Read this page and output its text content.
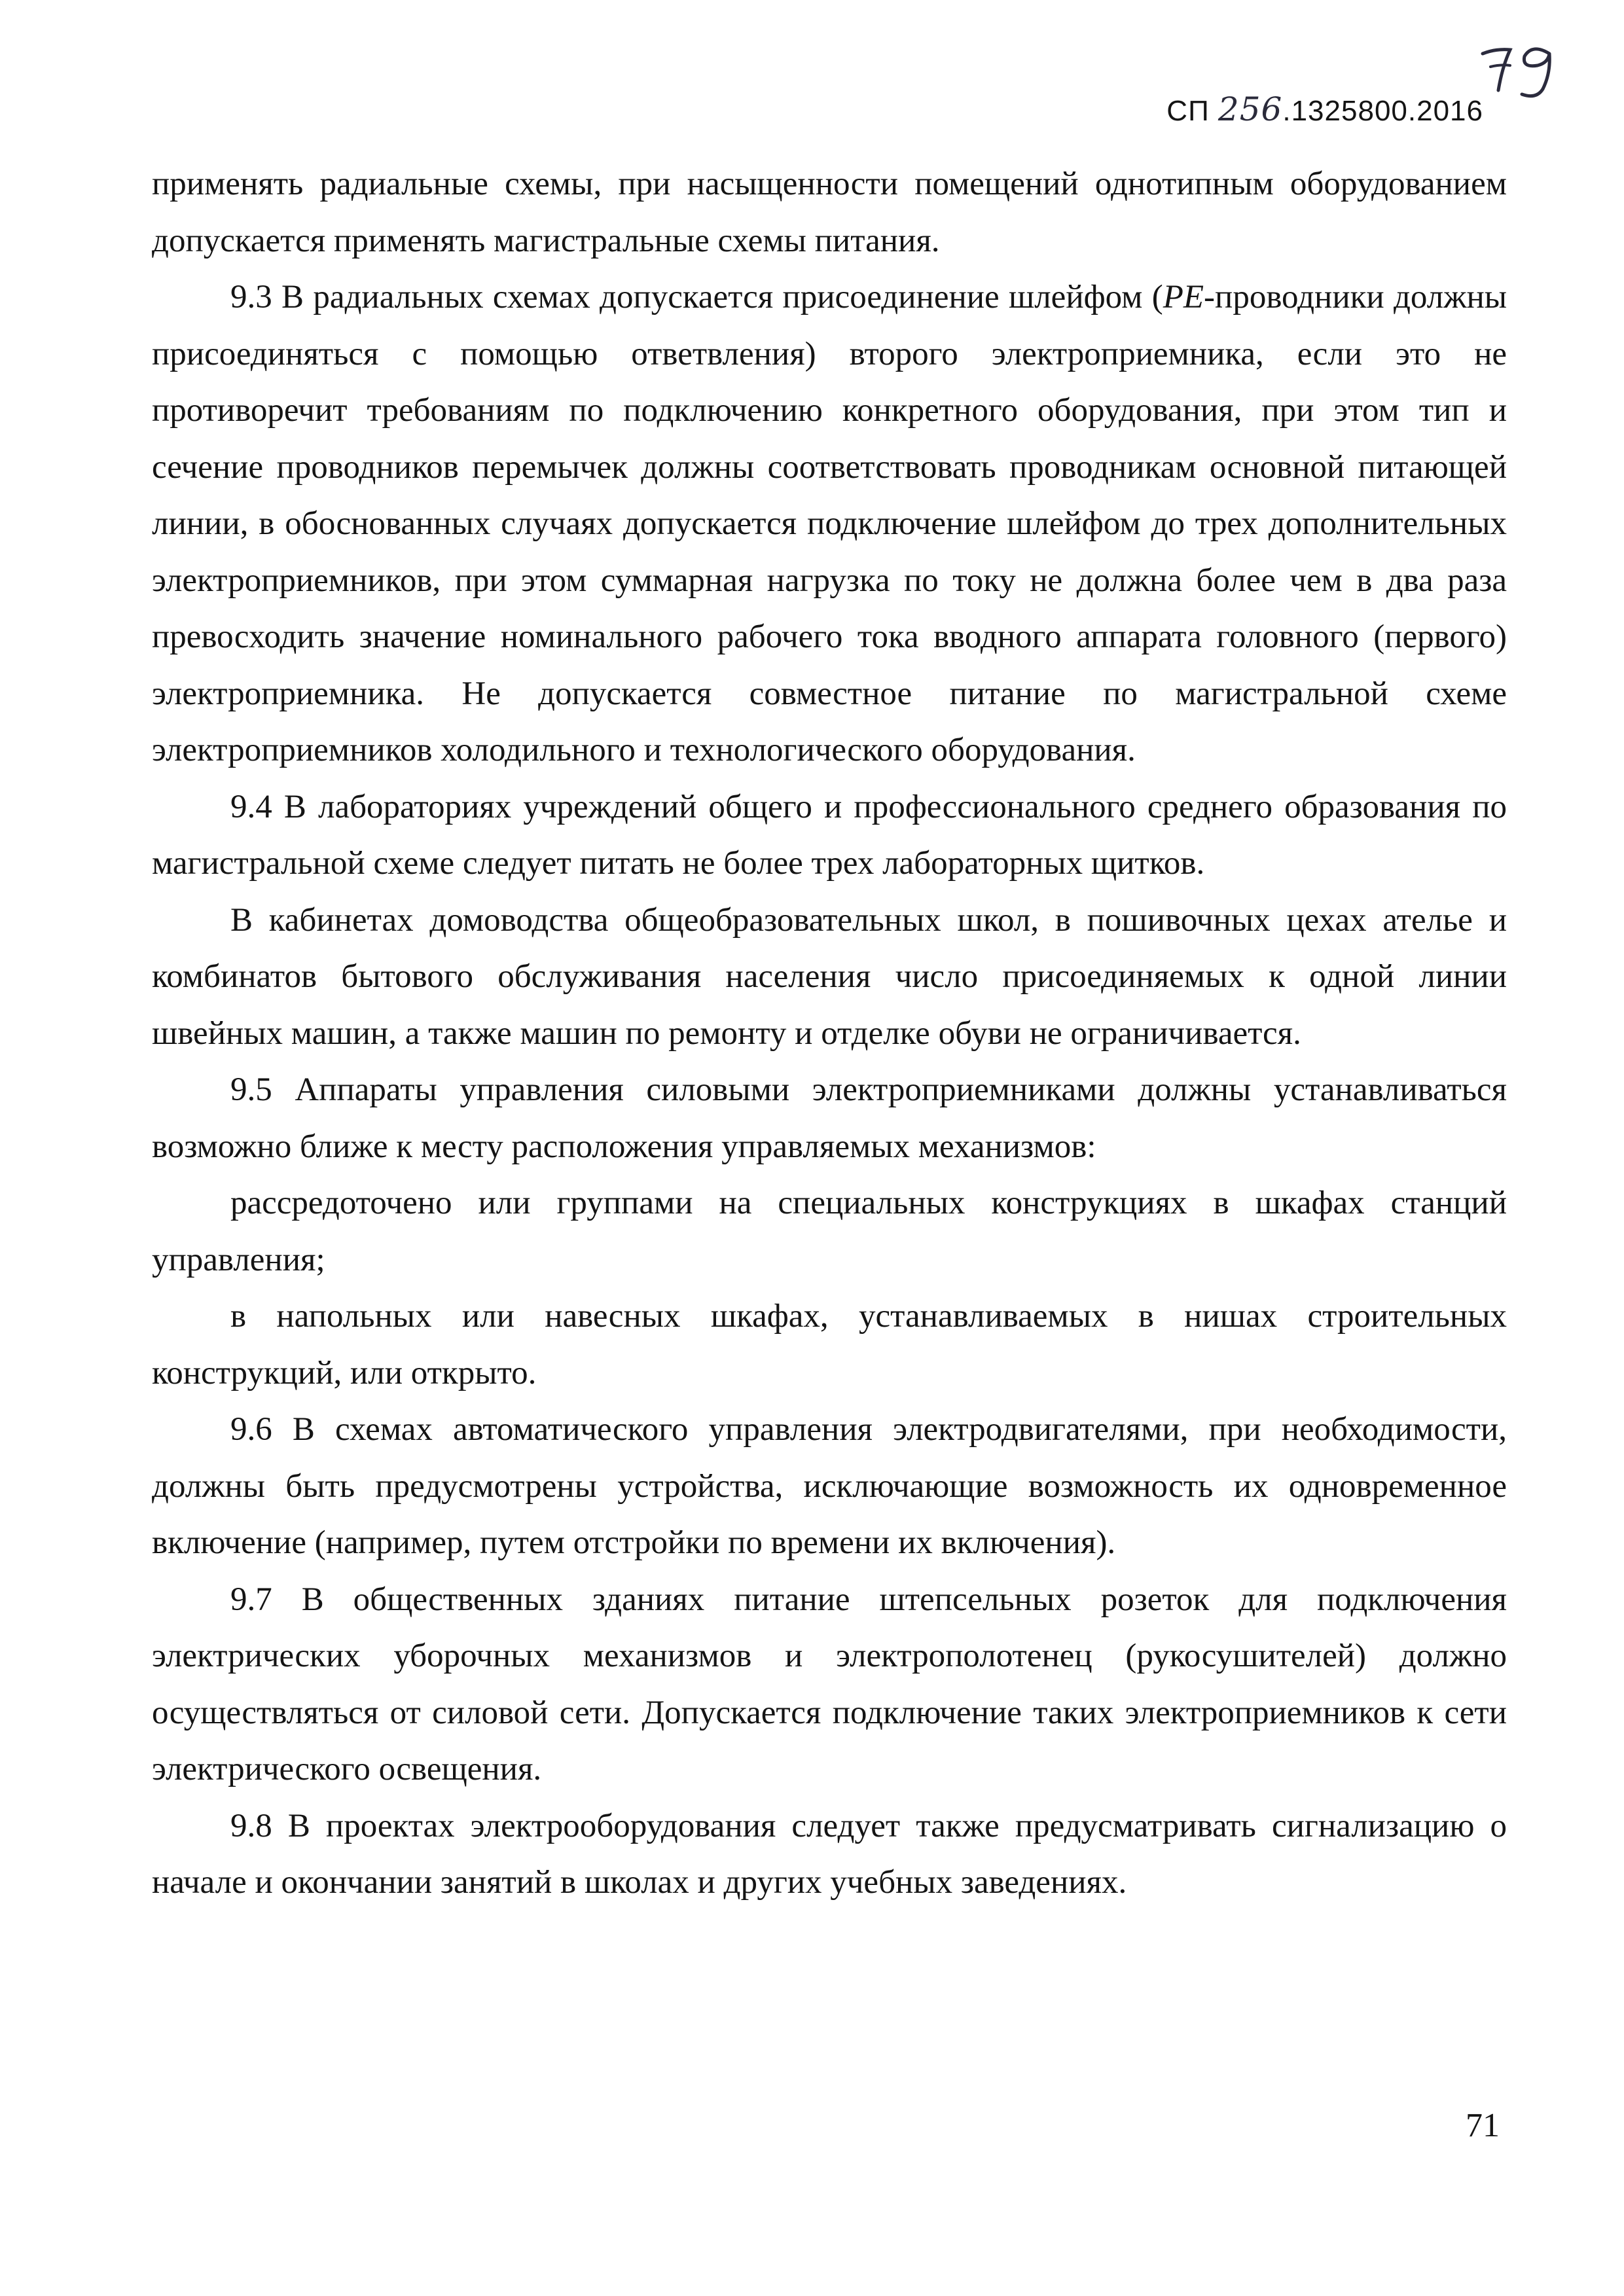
СП 256.1325800.2016

применять радиальные схемы, при насыщенности помещений однотипным оборудованием допускается применять магистральные схемы питания.

9.3 В радиальных схемах допускается присоединение шлейфом (PE-проводники должны присоединяться с помощью ответвления) второго электроприемника, если это не противоречит требованиям по подключению конкретного оборудования, при этом тип и сечение проводников перемычек должны соответствовать проводникам основной питающей линии, в обоснованных случаях допускается подключение шлейфом до трех дополнительных электроприемников, при этом суммарная нагрузка по току не должна более чем в два раза превосходить значение номинального рабочего тока вводного аппарата головного (первого) электроприемника. Не допускается совместное питание по магистральной схеме электроприемников холодильного и технологического оборудования.

9.4 В лабораториях учреждений общего и профессионального среднего образования по магистральной схеме следует питать не более трех лабораторных щитков.

В кабинетах домоводства общеобразовательных школ, в пошивочных цехах ателье и комбинатов бытового обслуживания населения число присоединяемых к одной линии швейных машин, а также машин по ремонту и отделке обуви не ограничивается.

9.5 Аппараты управления силовыми электроприемниками должны устанавливаться возможно ближе к месту расположения управляемых механизмов:

рассредоточено или группами на специальных конструкциях в шкафах станций управления;

в напольных или навесных шкафах, устанавливаемых в нишах строительных конструкций, или открыто.

9.6 В схемах автоматического управления электродвигателями, при необходимости, должны быть предусмотрены устройства, исключающие возможность их одновременное включение (например, путем отстройки по времени их включения).

9.7 В общественных зданиях питание штепсельных розеток для подключения электрических уборочных механизмов и электрополотенец (рукосушителей) должно осуществляться от силовой сети. Допускается подключение таких электроприемников к сети электрического освещения.

9.8 В проектах электрооборудования следует также предусматривать сигнализацию о начале и окончании занятий в школах и других учебных заведениях.

71
